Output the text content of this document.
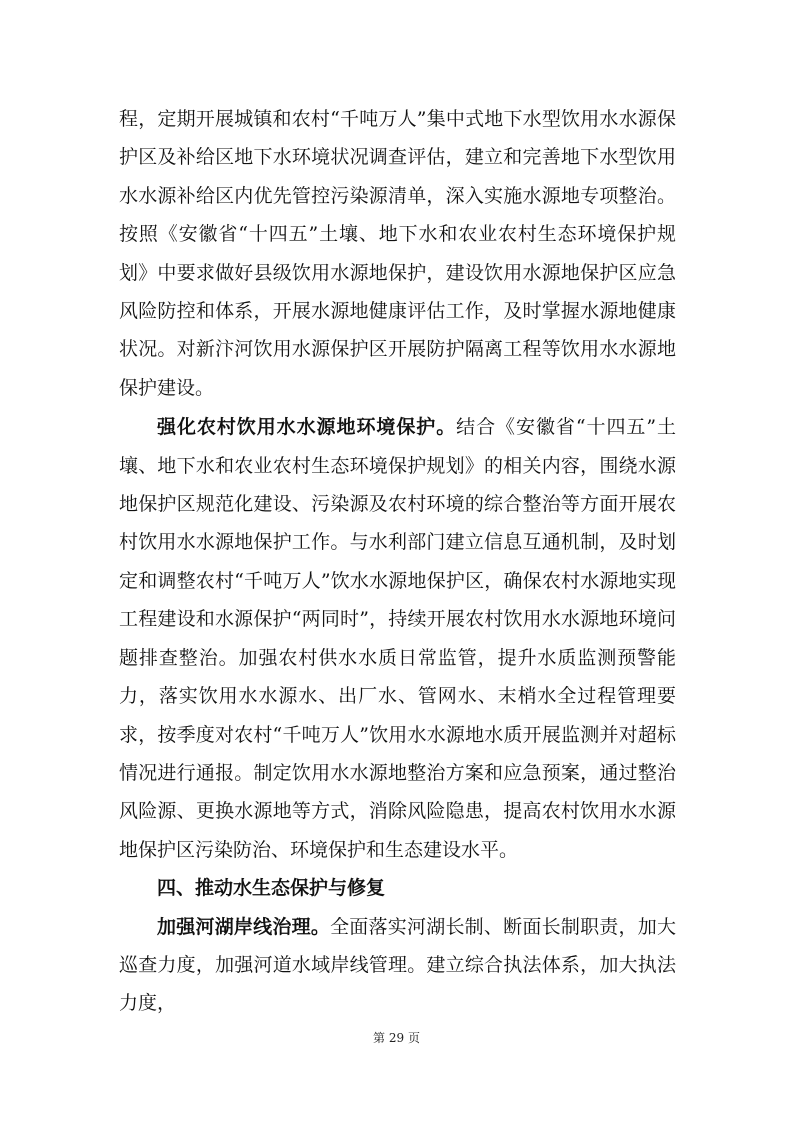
程，定期开展城镇和农村“千吨万人”集中式地下水型饮用水水源保护区及补给区地下水环境状况调查评估，建立和完善地下水型饮用水水源补给区内优先管控污染源清单，深入实施水源地专项整治。按照《安徽省“十四五”土壤、地下水和农业农村生态环境保护规划》中要求做好县级饮用水源地保护，建设饮用水源地保护区应急风险防控和体系，开展水源地健康评估工作，及时掌握水源地健康状况。对新汴河饮用水源保护区开展防护隔离工程等饮用水水源地保护建设。

强化农村饮用水水源地环境保护。结合《安徽省“十四五”土壤、地下水和农业农村生态环境保护规划》的相关内容，围绕水源地保护区规范化建设、污染源及农村环境的综合整治等方面开展农村饮用水水源地保护工作。与水利部门建立信息互通机制，及时划定和调整农村“千吨万人”饮水水源地保护区，确保农村水源地实现工程建设和水源保护“两同时”，持续开展农村饮用水水源地环境问题排查整治。加强农村供水水质日常监管，提升水质监测预警能力，落实饮用水水源水、出厂水、管网水、末梢水全过程管理要求，按季度对农村“千吨万人”饮用水水源地水质开展监测并对超标情况进行通报。制定饮用水水源地整治方案和应急预案，通过整治风险源、更换水源地等方式，消除风险隐患，提高农村饮用水水源地保护区污染防治、环境保护和生态建设水平。

四、推动水生态保护与修复

加强河湖岸线治理。全面落实河湖长制、断面长制职责，加大巡查力度，加强河道水域岸线管理。建立综合执法体系，加大执法力度，

第 29 页
